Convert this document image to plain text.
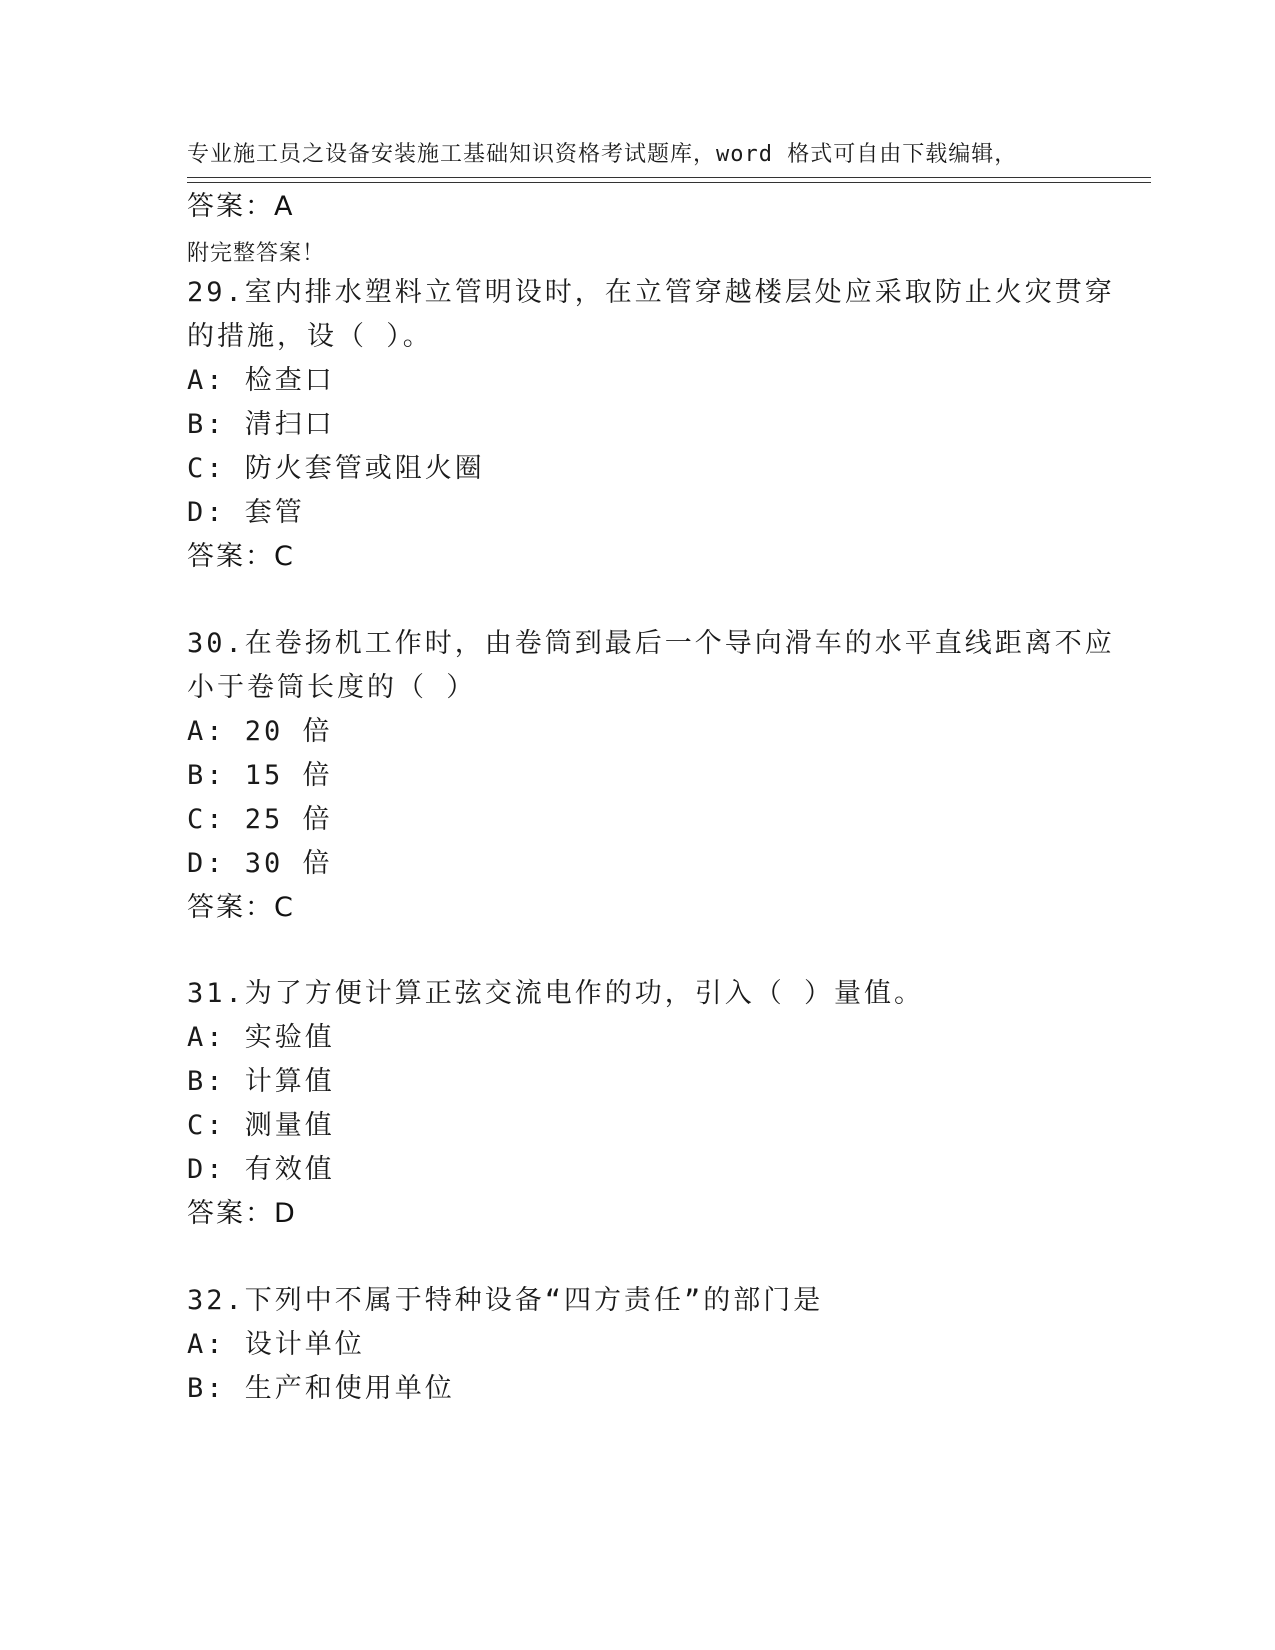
专业施工员之设备安装施工基础知识资格考试题库，word 格式可自由下载编辑，

附完整答案！

答案：A
29.室内排水塑料立管明设时，在立管穿越楼层处应采取防止火灾贯穿
的措施，设（ ）。
A: 检查口
B: 清扫口
C: 防火套管或阻火圈
D: 套管
答案：C
30.在卷扬机工作时，由卷筒到最后一个导向滑车的水平直线距离不应
小于卷筒长度的（ ）
A: 20 倍
B: 15 倍
C: 25 倍
D: 30 倍
答案：C
31.为了方便计算正弦交流电作的功，引入（ ）量值。
A: 实验值
B: 计算值
C: 测量值
D: 有效值
答案：D
32.下列中不属于特种设备“四方责任”的部门是
A: 设计单位
B: 生产和使用单位
